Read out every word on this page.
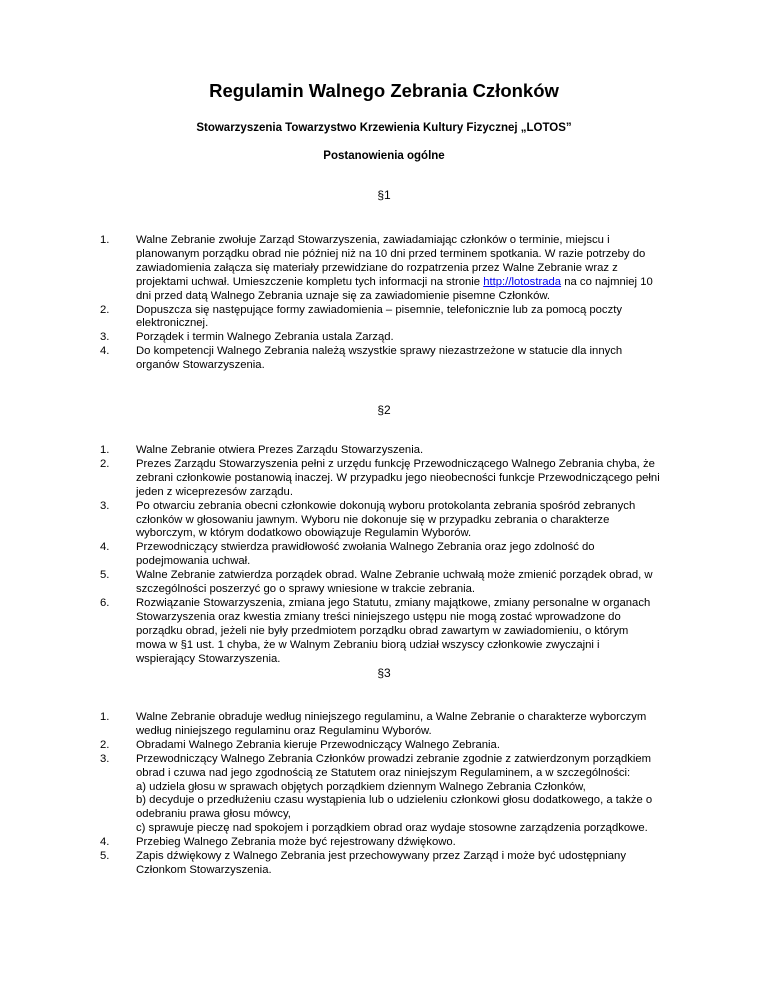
Regulamin Walnego Zebrania Członków
Stowarzyszenia Towarzystwo Krzewienia Kultury Fizycznej „LOTOS”
Postanowienia ogólne
§1
1. Walne Zebranie zwołuje Zarząd Stowarzyszenia, zawiadamiając członków o terminie, miejscu i planowanym porządku obrad nie później niż na 10 dni przed terminem spotkania. W razie potrzeby do zawiadomienia załącza się materiały przewidziane do rozpatrzenia przez Walne Zebranie wraz z projektami uchwał. Umieszczenie kompletu tych informacji na stronie http://lotostrada na co najmniej 10 dni przed datą Walnego Zebrania uznaje się za zawiadomienie pisemne Członków.
2. Dopuszcza się następujące formy zawiadomienia – pisemnie, telefonicznie lub za pomocą poczty elektronicznej.
3. Porządek i termin Walnego Zebrania ustala Zarząd.
4. Do kompetencji Walnego Zebrania należą wszystkie sprawy niezastrzeżone w statucie dla innych organów Stowarzyszenia.
§2
1. Walne Zebranie otwiera Prezes Zarządu Stowarzyszenia.
2. Prezes Zarządu Stowarzyszenia pełni z urzędu funkcję Przewodniczącego Walnego Zebrania chyba, że zebrani członkowie postanowią inaczej. W przypadku jego nieobecności funkcje Przewodniczącego pełni jeden z wiceprezesów zarządu.
3. Po otwarciu zebrania obecni członkowie dokonują wyboru protokolanta zebrania spośród zebranych członków w głosowaniu jawnym. Wyboru nie dokonuje się w przypadku zebrania o charakterze wyborczym, w którym dodatkowo obowiązuje Regulamin Wyborów.
4. Przewodniczący stwierdza prawidłowość zwołania Walnego Zebrania oraz jego zdolność do podejmowania uchwał.
5. Walne Zebranie zatwierdza porządek obrad. Walne Zebranie uchwałą może zmienić porządek obrad, w szczególności poszerzyć go o sprawy wniesione w trakcie zebrania.
6. Rozwiązanie Stowarzyszenia, zmiana jego Statutu, zmiany majątkowe, zmiany personalne w organach Stowarzyszenia oraz kwestia zmiany treści niniejszego ustępu nie mogą zostać wprowadzone do porządku obrad, jeżeli nie były przedmiotem porządku obrad zawartym w zawiadomieniu, o którym mowa w §1 ust. 1 chyba, że w Walnym Zebraniu biorą udział wszyscy członkowie zwyczajni i wspierający Stowarzyszenia.
§3
1. Walne Zebranie obraduje według niniejszego regulaminu, a Walne Zebranie o charakterze wyborczym według niniejszego regulaminu oraz Regulaminu Wyborów.
2. Obradami Walnego Zebrania kieruje Przewodniczący Walnego Zebrania.
3. Przewodniczący Walnego Zebrania Członków prowadzi zebranie zgodnie z zatwierdzonym porządkiem obrad i czuwa nad jego zgodnością ze Statutem oraz niniejszym Regulaminem, a w szczególności:
a) udziela głosu w sprawach objętych porządkiem dziennym Walnego Zebrania Członków,
b) decyduje o przedłużeniu czasu wystąpienia lub o udzieleniu członkowi głosu dodatkowego, a także o odebraniu prawa głosu mówcy,
c) sprawuje pieczę nad spokojem i porządkiem obrad oraz wydaje stosowne zarządzenia porządkowe.
4. Przebieg Walnego Zebrania może być rejestrowany dźwiękowo.
5. Zapis dźwiękowy z Walnego Zebrania jest przechowywany przez Zarząd i może być udostępniany Członkom Stowarzyszenia.
